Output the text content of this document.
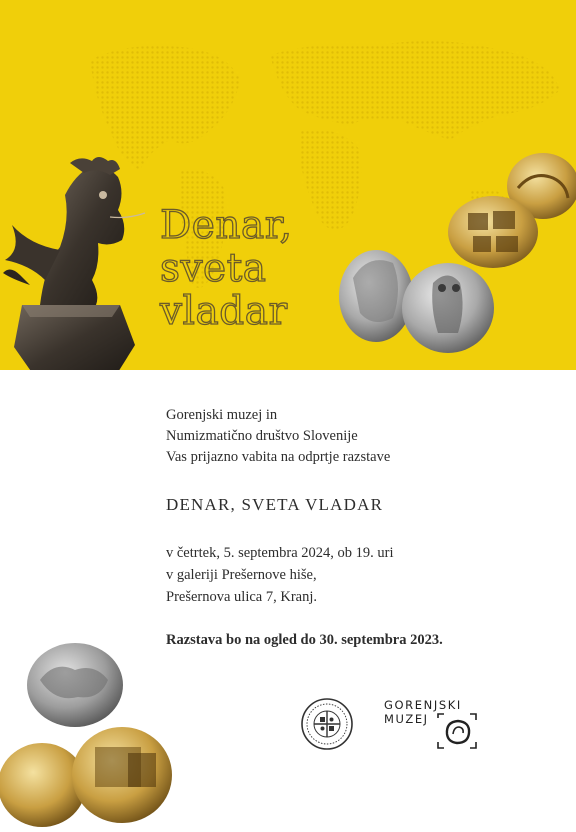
Denar,
sveta
vladar
Gorenjski muzej in
Numizmatično društvo Slovenije
Vas prijazno vabita na odprtje razstave
DENAR, SVETA VLADAR
v četrtek, 5. septembra 2024, ob 19. uri
v galeriji Prešernove hiše,
Prešernova ulica 7, Kranj.
Razstava bo na ogled do 30. septembra 2023.
GORENJSKI
MUZEJ
